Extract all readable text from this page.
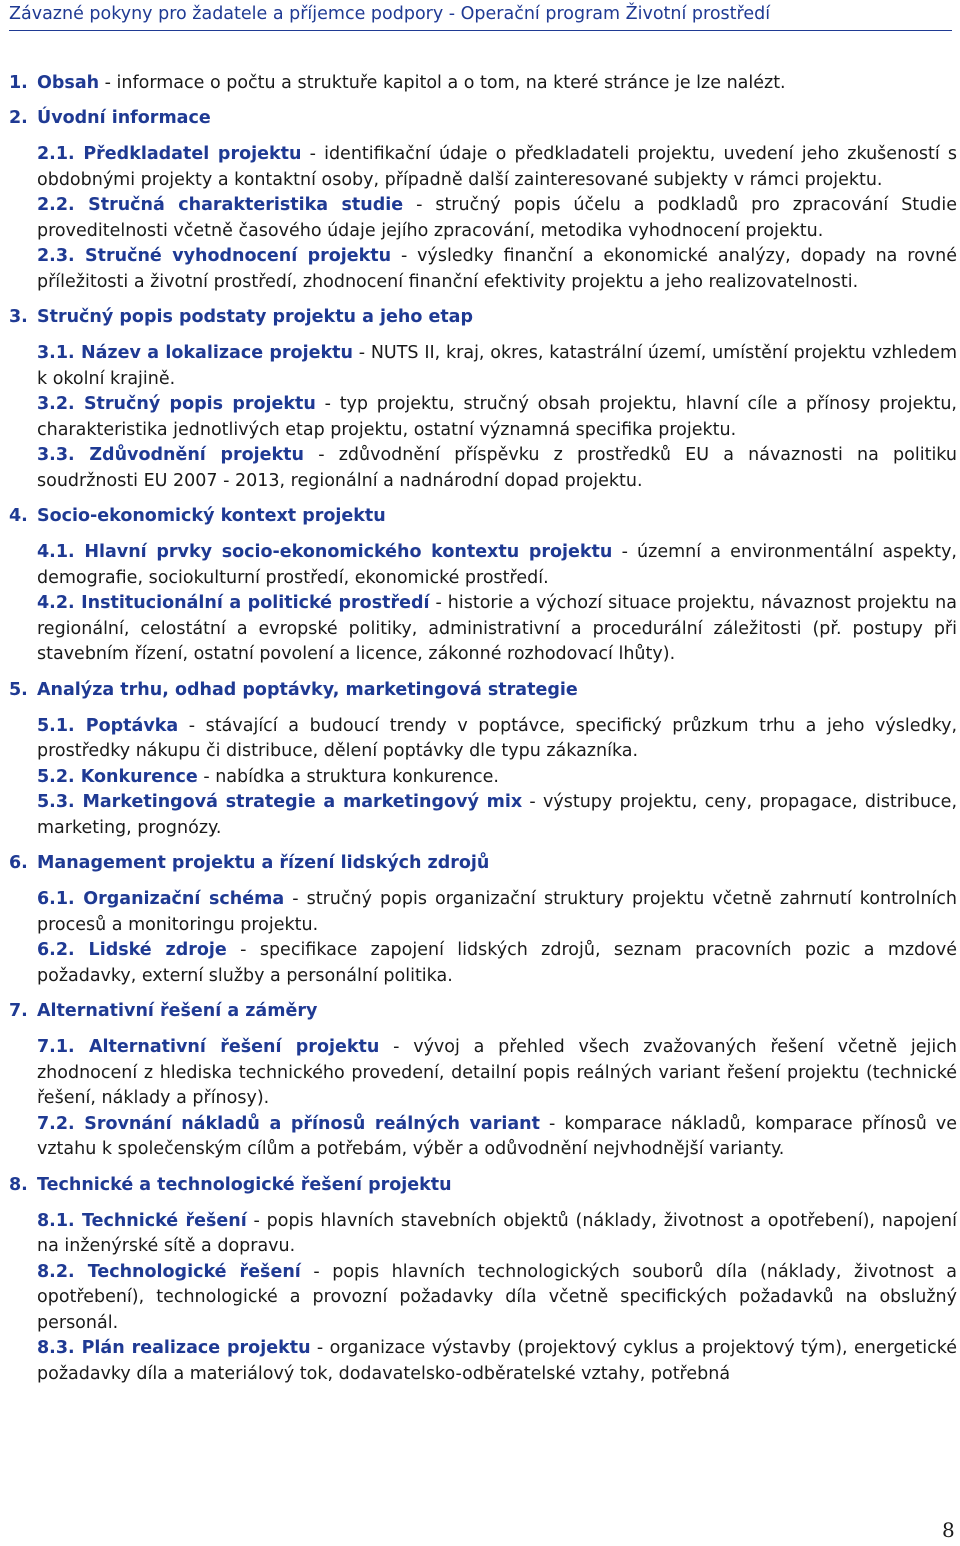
Závazné pokyny pro žadatele a příjemce podpory - Operační program Životní prostředí

1. Obsah - informace o počtu a struktuře kapitol a o tom, na které stránce je lze nalézt.

2. Úvodní informace

2.1. Předkladatel projektu - identifikační údaje o předkladateli projektu, uvedení jeho zkušeností s obdobnými projekty a kontaktní osoby, případně další zainteresované subjekty v rámci projektu.

2.2. Stručná charakteristika studie - stručný popis účelu a podkladů pro zpracování Studie proveditelnosti včetně časového údaje jejího zpracování, metodika vyhodnocení projektu.

2.3. Stručné vyhodnocení projektu - výsledky finanční a ekonomické analýzy, dopady na rovné příležitosti a životní prostředí, zhodnocení finanční efektivity projektu a jeho realizovatelnosti.

3. Stručný popis podstaty projektu a jeho etap

3.1. Název a lokalizace projektu - NUTS II, kraj, okres, katastrální území, umístění projektu vzhledem k okolní krajině.

3.2. Stručný popis projektu - typ projektu, stručný obsah projektu, hlavní cíle a přínosy projektu, charakteristika jednotlivých etap projektu, ostatní významná specifika projektu.

3.3. Zdůvodnění projektu - zdůvodnění příspěvku z prostředků EU a návaznosti na politiku soudržnosti EU 2007 - 2013, regionální a nadnárodní dopad projektu.

4. Socio-ekonomický kontext projektu

4.1. Hlavní prvky socio-ekonomického kontextu projektu - územní a environmentální aspekty, demografie, sociokulturní prostředí, ekonomické prostředí.

4.2. Institucionální a politické prostředí - historie a výchozí situace projektu, návaznost projektu na regionální, celostátní a evropské politiky, administrativní a procedurální záležitosti (př. postupy při stavebním řízení, ostatní povolení a licence, zákonné rozhodovací lhůty).

5. Analýza trhu, odhad poptávky, marketingová strategie

5.1. Poptávka - stávající a budoucí trendy v poptávce, specifický průzkum trhu a jeho výsledky, prostředky nákupu či distribuce, dělení poptávky dle typu zákazníka.

5.2. Konkurence - nabídka a struktura konkurence.

5.3. Marketingová strategie a marketingový mix - výstupy projektu, ceny, propagace, distribuce, marketing, prognózy.

6. Management projektu a řízení lidských zdrojů

6.1. Organizační schéma - stručný popis organizační struktury projektu včetně zahrnutí kontrolních procesů a monitoringu projektu.

6.2. Lidské zdroje - specifikace zapojení lidských zdrojů, seznam pracovních pozic a mzdové požadavky, externí služby a personální politika.

7. Alternativní řešení a záměry

7.1. Alternativní řešení projektu - vývoj a přehled všech zvažovaných řešení včetně jejich zhodnocení z hlediska technického provedení, detailní popis reálných variant řešení projektu (technické řešení, náklady a přínosy).

7.2. Srovnání nákladů a přínosů reálných variant - komparace nákladů, komparace přínosů ve vztahu k společenským cílům a potřebám, výběr a odůvodnění nejvhodnější varianty.

8. Technické a technologické řešení projektu

8.1. Technické řešení - popis hlavních stavebních objektů (náklady, životnost a opotřebení), napojení na inženýrské sítě a dopravu.

8.2. Technologické řešení - popis hlavních technologických souborů díla (náklady, životnost a opotřebení), technologické a provozní požadavky díla včetně specifických požadavků na obslužný personál.

8.3. Plán realizace projektu - organizace výstavby (projektový cyklus a projektový tým), energetické požadavky díla a materiálový tok, dodavatelsko-odběratelské vztahy, potřebná

8
